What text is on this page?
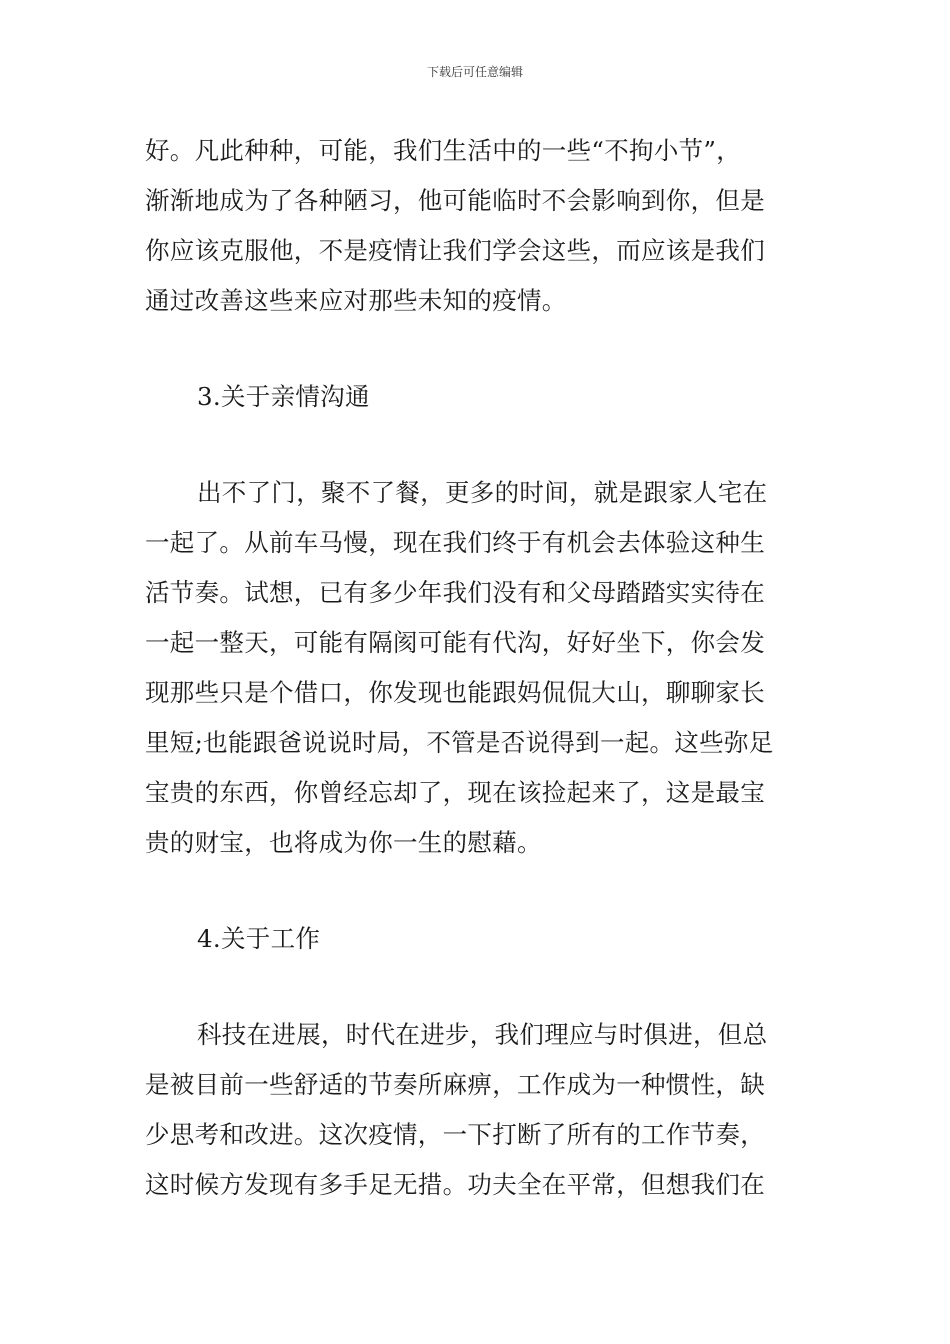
下载后可任意编辑
好。凡此种种，可能，我们生活中的一些“不拘小节”，
渐渐地成为了各种陋习，他可能临时不会影响到你，但是
你应该克服他，不是疫情让我们学会这些，而应该是我们
通过改善这些来应对那些未知的疫情。
3.关于亲情沟通
出不了门，聚不了餐，更多的时间，就是跟家人宅在
一起了。从前车马慢，现在我们终于有机会去体验这种生
活节奏。试想，已有多少年我们没有和父母踏踏实实待在
一起一整天，可能有隔阂可能有代沟，好好坐下，你会发
现那些只是个借口，你发现也能跟妈侃侃大山，聊聊家长
里短;也能跟爸说说时局，不管是否说得到一起。这些弥足
宝贵的东西，你曾经忘却了，现在该捡起来了，这是最宝
贵的财宝，也将成为你一生的慰藉。
4.关于工作
科技在进展，时代在进步，我们理应与时俱进，但总
是被目前一些舒适的节奏所麻痹，工作成为一种惯性，缺
少思考和改进。这次疫情，一下打断了所有的工作节奏，
这时候方发现有多手足无措。功夫全在平常，但想我们在
